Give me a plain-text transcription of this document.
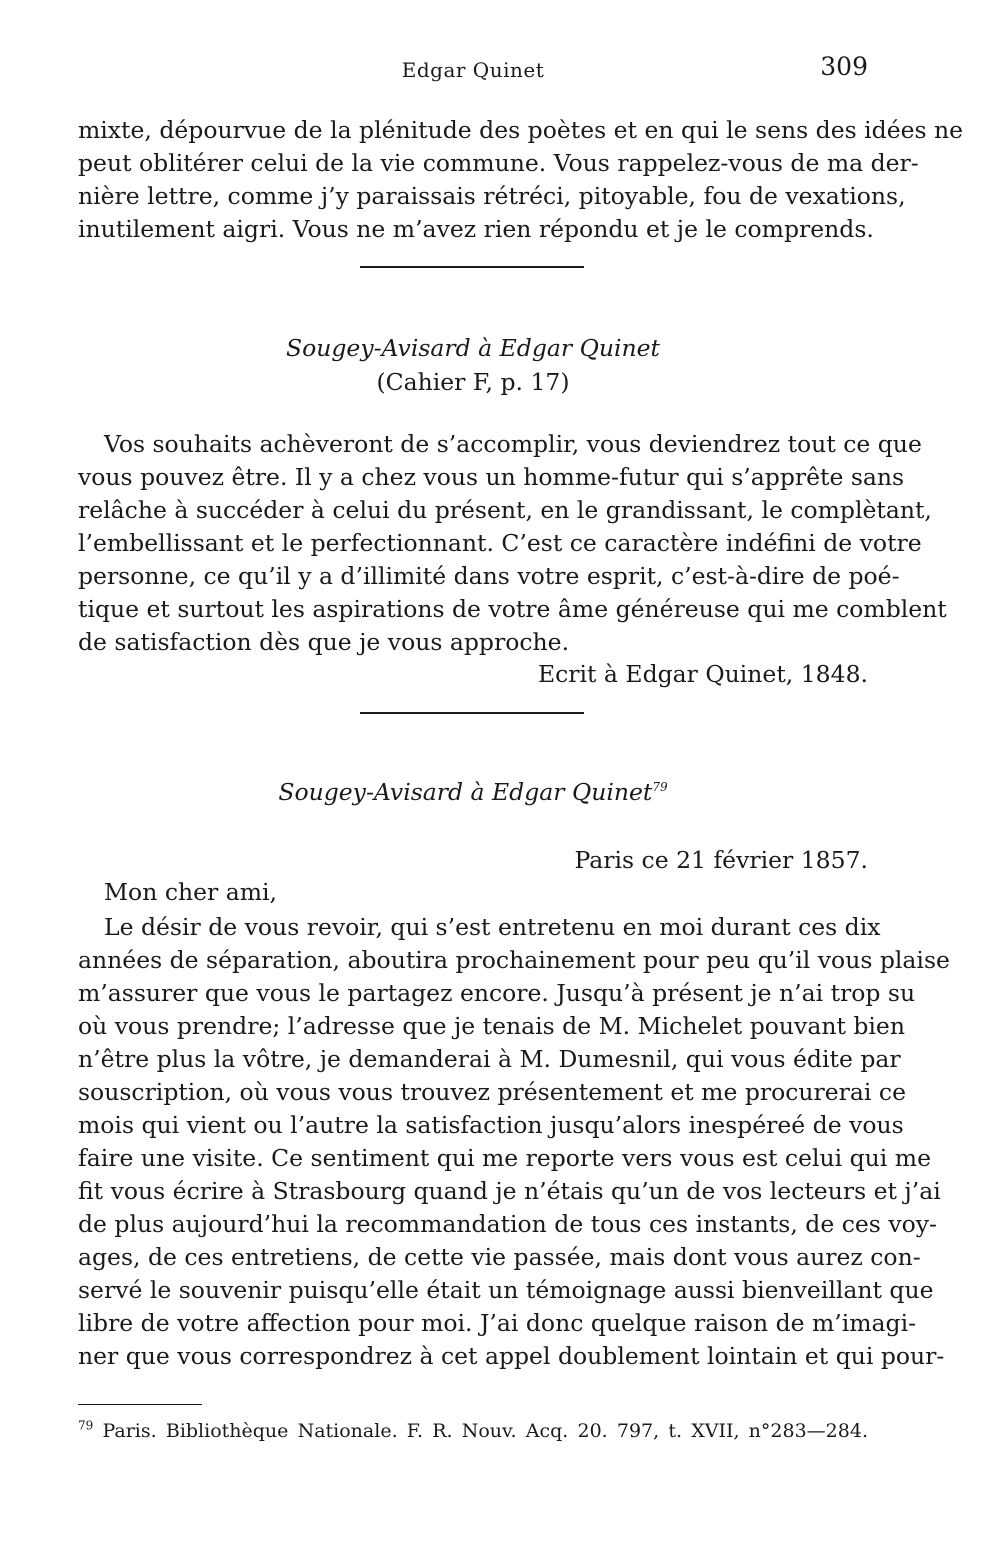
Edgar Quinet	309
mixte, dépourvue de la plénitude des poètes et en qui le sens des idées ne
peut oblitérer celui de la vie commune. Vous rappelez-vous de ma der-
nière lettre, comme j’y paraissais rétréci, pitoyable, fou de vexations,
inutilement aigri. Vous ne m’avez rien répondu et je le comprends.
Sougey-Avisard à Edgar Quinet
(Cahier F, p. 17)
Vos souhaits achèveront de s’accomplir, vous deviendrez tout ce que
vous pouvez être. Il y a chez vous un homme-futur qui s’apprête sans
relâche à succéder à celui du présent, en le grandissant, le complètant,
l’embellissant et le perfectionnant. C’est ce caractère indéfini de votre
personne, ce qu’il y a d’illimité dans votre esprit, c’est-à-dire de poé-
tique et surtout les aspirations de votre âme généreuse qui me comblent
de satisfaction dès que je vous approche.
Ecrit à Edgar Quinet, 1848.
Sougey-Avisard à Edgar Quinet$^{79}$
Paris ce 21 février 1857.
Mon cher ami,
Le désir de vous revoir, qui s’est entretenu en moi durant ces dix
années de séparation, aboutira prochainement pour peu qu’il vous plaise
m’assurer que vous le partagez encore. Jusqu’à présent je n’ai trop su
où vous prendre; l’adresse que je tenais de M. Michelet pouvant bien
n’être plus la vôtre, je demanderai à M. Dumesnil, qui vous édite par
souscription, où vous vous trouvez présentement et me procurerai ce
mois qui vient ou l’autre la satisfaction jusqu’alors inespéreé de vous
faire une visite. Ce sentiment qui me reporte vers vous est celui qui me
fit vous écrire à Strasbourg quand je n’étais qu’un de vos lecteurs et j’ai
de plus aujourd’hui la recommandation de tous ces instants, de ces voy-
ages, de ces entretiens, de cette vie passée, mais dont vous aurez con-
servé le souvenir puisqu’elle était un témoignage aussi bienveillant que
libre de votre affection pour moi. J’ai donc quelque raison de m’imagi-
ner que vous correspondrez à cet appel doublement lointain et qui pour-
$^{79}$ Paris. Bibliothèque Nationale. F. R. Nouv. Acq. 20. 797, t. XVII, n°283—284.
